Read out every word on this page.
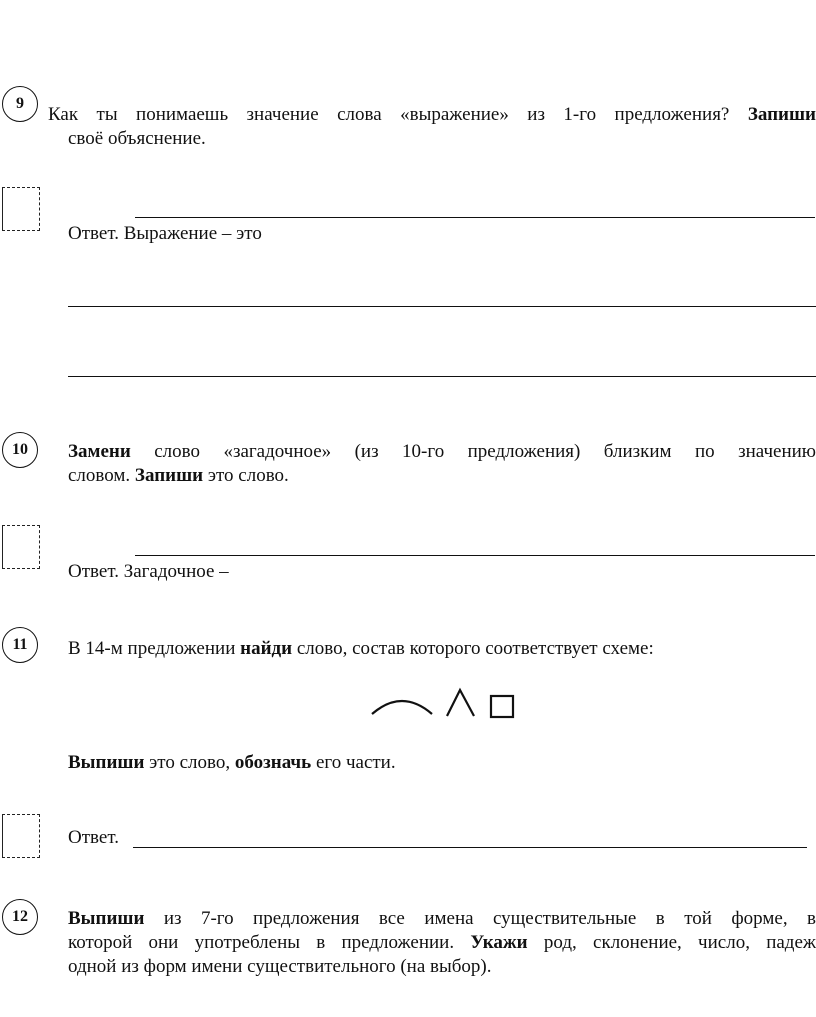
9
Как ты понимаешь значение слова «выражение» из 1-го предложения? Запиши
своё объяснение.
Ответ. Выражение – это
10	Замени слово «загадочное» (из 10-го предложения) близким по значению
словом. Запиши это слово.
Ответ. Загадочное –
11	В 14-м предложении найди слово, состав которого соответствует схеме:
Выпиши это слово, обозначь его части.
Ответ.
12	Выпиши из 7-го предложения все имена существительные в той форме, в
которой они употреблены в предложении. Укажи род, склонение, число, падеж
одной из форм имени существительного (на выбор).
